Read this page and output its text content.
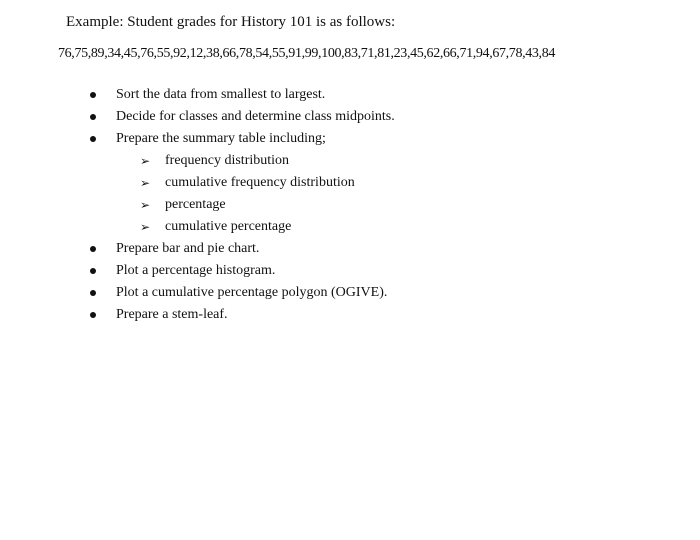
Example: Student grades for History 101 is as follows:
76,75,89,34,45,76,55,92,12,38,66,78,54,55,91,99,100,83,71,81,23,45,62,66,71,94,67,78,43,84
Sort the data from smallest to largest.
Decide for classes and determine class midpoints.
Prepare the summary table including;
➢ frequency distribution
➢ cumulative frequency distribution
➢ percentage
➢ cumulative percentage
Prepare bar and pie chart.
Plot a percentage histogram.
Plot a cumulative percentage polygon (OGIVE).
Prepare a stem-leaf.
